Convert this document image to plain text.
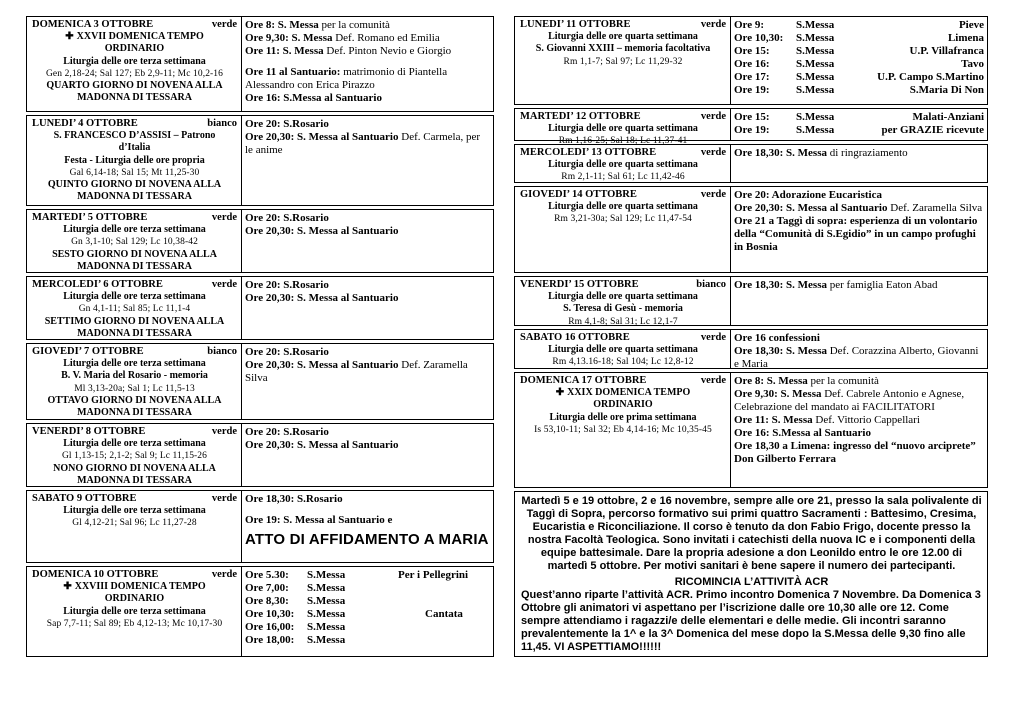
DOMENICA 3 OTTOBRE	verde
✚ XXVII DOMENICA TEMPO
ORDINARIO
Liturgia delle ore terza settimana
Gen 2,18-24; Sal 127; Eb 2,9-11; Mc 10,2-16
QUARTO GIORNO DI NOVENA ALLA
MADONNA DI TESSARA
Ore 8: S. Messa per la comunità
Ore 9,30: S. Messa Def. Romano ed Emilia
Ore 11: S. Messa Def. Pinton Nevio e Giorgio
Ore 11 al Santuario: matrimonio di Piantella Alessandro con Erica Pirazzo
Ore 16: S.Messa al Santuario
LUNEDI’ 4 OTTOBRE	bianco
S. FRANCESCO D’ASSISI – Patrono
d’Italia
Festa - Liturgia delle ore propria
Gal 6,14-18; Sal 15; Mt 11,25-30
QUINTO GIORNO DI NOVENA ALLA
MADONNA DI TESSARA
Ore 20: S.Rosario
Ore 20,30: S. Messa al Santuario Def. Carmela, per le anime
MARTEDI’ 5 OTTOBRE	verde
Liturgia delle ore terza settimana
Gn 3,1-10; Sal 129; Lc 10,38-42
SESTO GIORNO DI NOVENA ALLA
MADONNA DI TESSARA
Ore 20: S.Rosario
Ore 20,30: S. Messa al Santuario
MERCOLEDI’ 6 OTTOBRE	verde
Liturgia delle ore terza settimana
Gn 4,1-11; Sal 85; Lc 11,1-4
SETTIMO GIORNO DI NOVENA ALLA
MADONNA DI TESSARA
Ore 20: S.Rosario
Ore 20,30: S. Messa al Santuario
GIOVEDI’ 7 OTTOBRE	bianco
Liturgia delle ore terza settimana
B. V. Maria del Rosario - memoria
Ml 3,13-20a; Sal 1; Lc 11,5-13
OTTAVO GIORNO DI NOVENA ALLA
MADONNA DI TESSARA
Ore 20: S.Rosario
Ore 20,30: S. Messa al Santuario Def. Zaramella Silva
VENERDI’ 8 OTTOBRE	verde
Liturgia delle ore terza settimana
Gl 1,13-15; 2,1-2; Sal 9; Lc 11,15-26
NONO GIORNO DI NOVENA ALLA
MADONNA DI TESSARA
Ore 20: S.Rosario
Ore 20,30: S. Messa al Santuario
SABATO 9 OTTOBRE	verde
Liturgia delle ore terza settimana
Gl 4,12-21; Sal 96; Lc 11,27-28
Ore 18,30: S.Rosario
Ore 19: S. Messa al Santuario e
ATTO DI AFFIDAMENTO A MARIA
DOMENICA 10 OTTOBRE	verde
✚ XXVIII DOMENICA TEMPO
ORDINARIO
Liturgia delle ore terza settimana
Sap 7,7-11; Sal 89; Eb 4,12-13; Mc 10,17-30
Ore 5.30:	S.Messa	Per i Pellegrini
Ore 7,00:	S.Messa
Ore 8,30:	S.Messa
Ore 10,30:	S.Messa	Cantata
Ore 16,00:	S.Messa
Ore 18,00:	S.Messa
LUNEDI’ 11 OTTOBRE	verde
Liturgia delle ore quarta settimana
S. Giovanni XXIII – memoria facoltativa
Rm 1,1-7; Sal 97; Lc 11,29-32
Ore 9:	S.Messa	Pieve
Ore 10,30:	S.Messa	Limena
Ore 15:	S.Messa	U.P. Villafranca
Ore 16:	S.Messa	Tavo
Ore 17:	S.Messa	U.P. Campo S.Martino
Ore 19:	S.Messa	S.Maria Di Non
MARTEDI’ 12 OTTOBRE	verde
Liturgia delle ore quarta settimana
Rm 1,16-25; Sal 18; Lc 11,37-41
Ore 15:	S.Messa	Malati-Anziani
Ore 19:	S.Messa	per GRAZIE ricevute
MERCOLEDI’ 13 OTTOBRE	verde
Liturgia delle ore quarta settimana
Rm 2,1-11; Sal 61; Lc 11,42-46
Ore 18,30: S. Messa di ringraziamento
GIOVEDI’ 14 OTTOBRE	verde
Liturgia delle ore quarta settimana
Rm 3,21-30a; Sal 129; Lc 11,47-54
Ore 20: Adorazione Eucaristica
Ore 20,30: S. Messa al Santuario Def. Zaramella Silva
Ore 21 a Taggì di sopra: esperienza di un volontario della “Comunità di S.Egidio” in un campo profughi in Bosnia
VENERDI’ 15 OTTOBRE	bianco
Liturgia delle ore quarta settimana
S. Teresa di Gesù - memoria
Rm 4,1-8; Sal 31; Lc 12,1-7
Ore 18,30: S. Messa per famiglia Eaton Abad
SABATO 16 OTTOBRE	verde
Liturgia delle ore quarta settimana
Rm 4,13.16-18; Sal 104; Lc 12,8-12
Ore 16 confessioni
Ore 18,30: S. Messa Def. Corazzina Alberto, Giovanni e Maria
DOMENICA 17 OTTOBRE	verde
✚ XXIX DOMENICA TEMPO
ORDINARIO
Liturgia delle ore prima settimana
Is 53,10-11; Sal 32; Eb 4,14-16; Mc 10,35-45
Ore 8: S. Messa per la comunità
Ore 9,30: S. Messa Def. Cabrele Antonio e Agnese,
Celebrazione del mandato ai FACILITATORI
Ore 11: S. Messa Def. Vittorio Cappellari
Ore 16: S.Messa al Santuario
Ore 18,30 a Limena: ingresso del “nuovo arciprete” Don Gilberto Ferrara
Martedì 5 e 19 ottobre, 2 e 16 novembre, sempre alle ore 21, presso la sala polivalente di Taggì di Sopra, percorso formativo sui primi quattro Sacramenti : Battesimo, Cresima, Eucaristia e Riconciliazione. Il corso è tenuto da don Fabio Frigo, docente presso la nostra Facoltà Teologica. Sono invitati i catechisti della nuova IC e i componenti della equipe battesimale. Dare la propria adesione a don Leonildo entro le ore 12.00 di martedì 5 ottobre. Per motivi sanitari è bene sapere il numero dei partecipanti.
RICOMINCIA L’ATTIVITÀ ACR
Quest’anno riparte l’attività ACR. Primo incontro Domenica 7 Novembre. Da Domenica 3 Ottobre gli animatori vi aspettano per l’iscrizione dalle ore 10,30 alle ore 12. Come sempre attendiamo i ragazzi/e delle elementari e delle medie. Gli incontri saranno prevalentemente la 1^ e la 3^ Domenica del mese dopo la S.Messa delle 9,30 fino alle 11,45. VI ASPETTIAMO!!!!!!
